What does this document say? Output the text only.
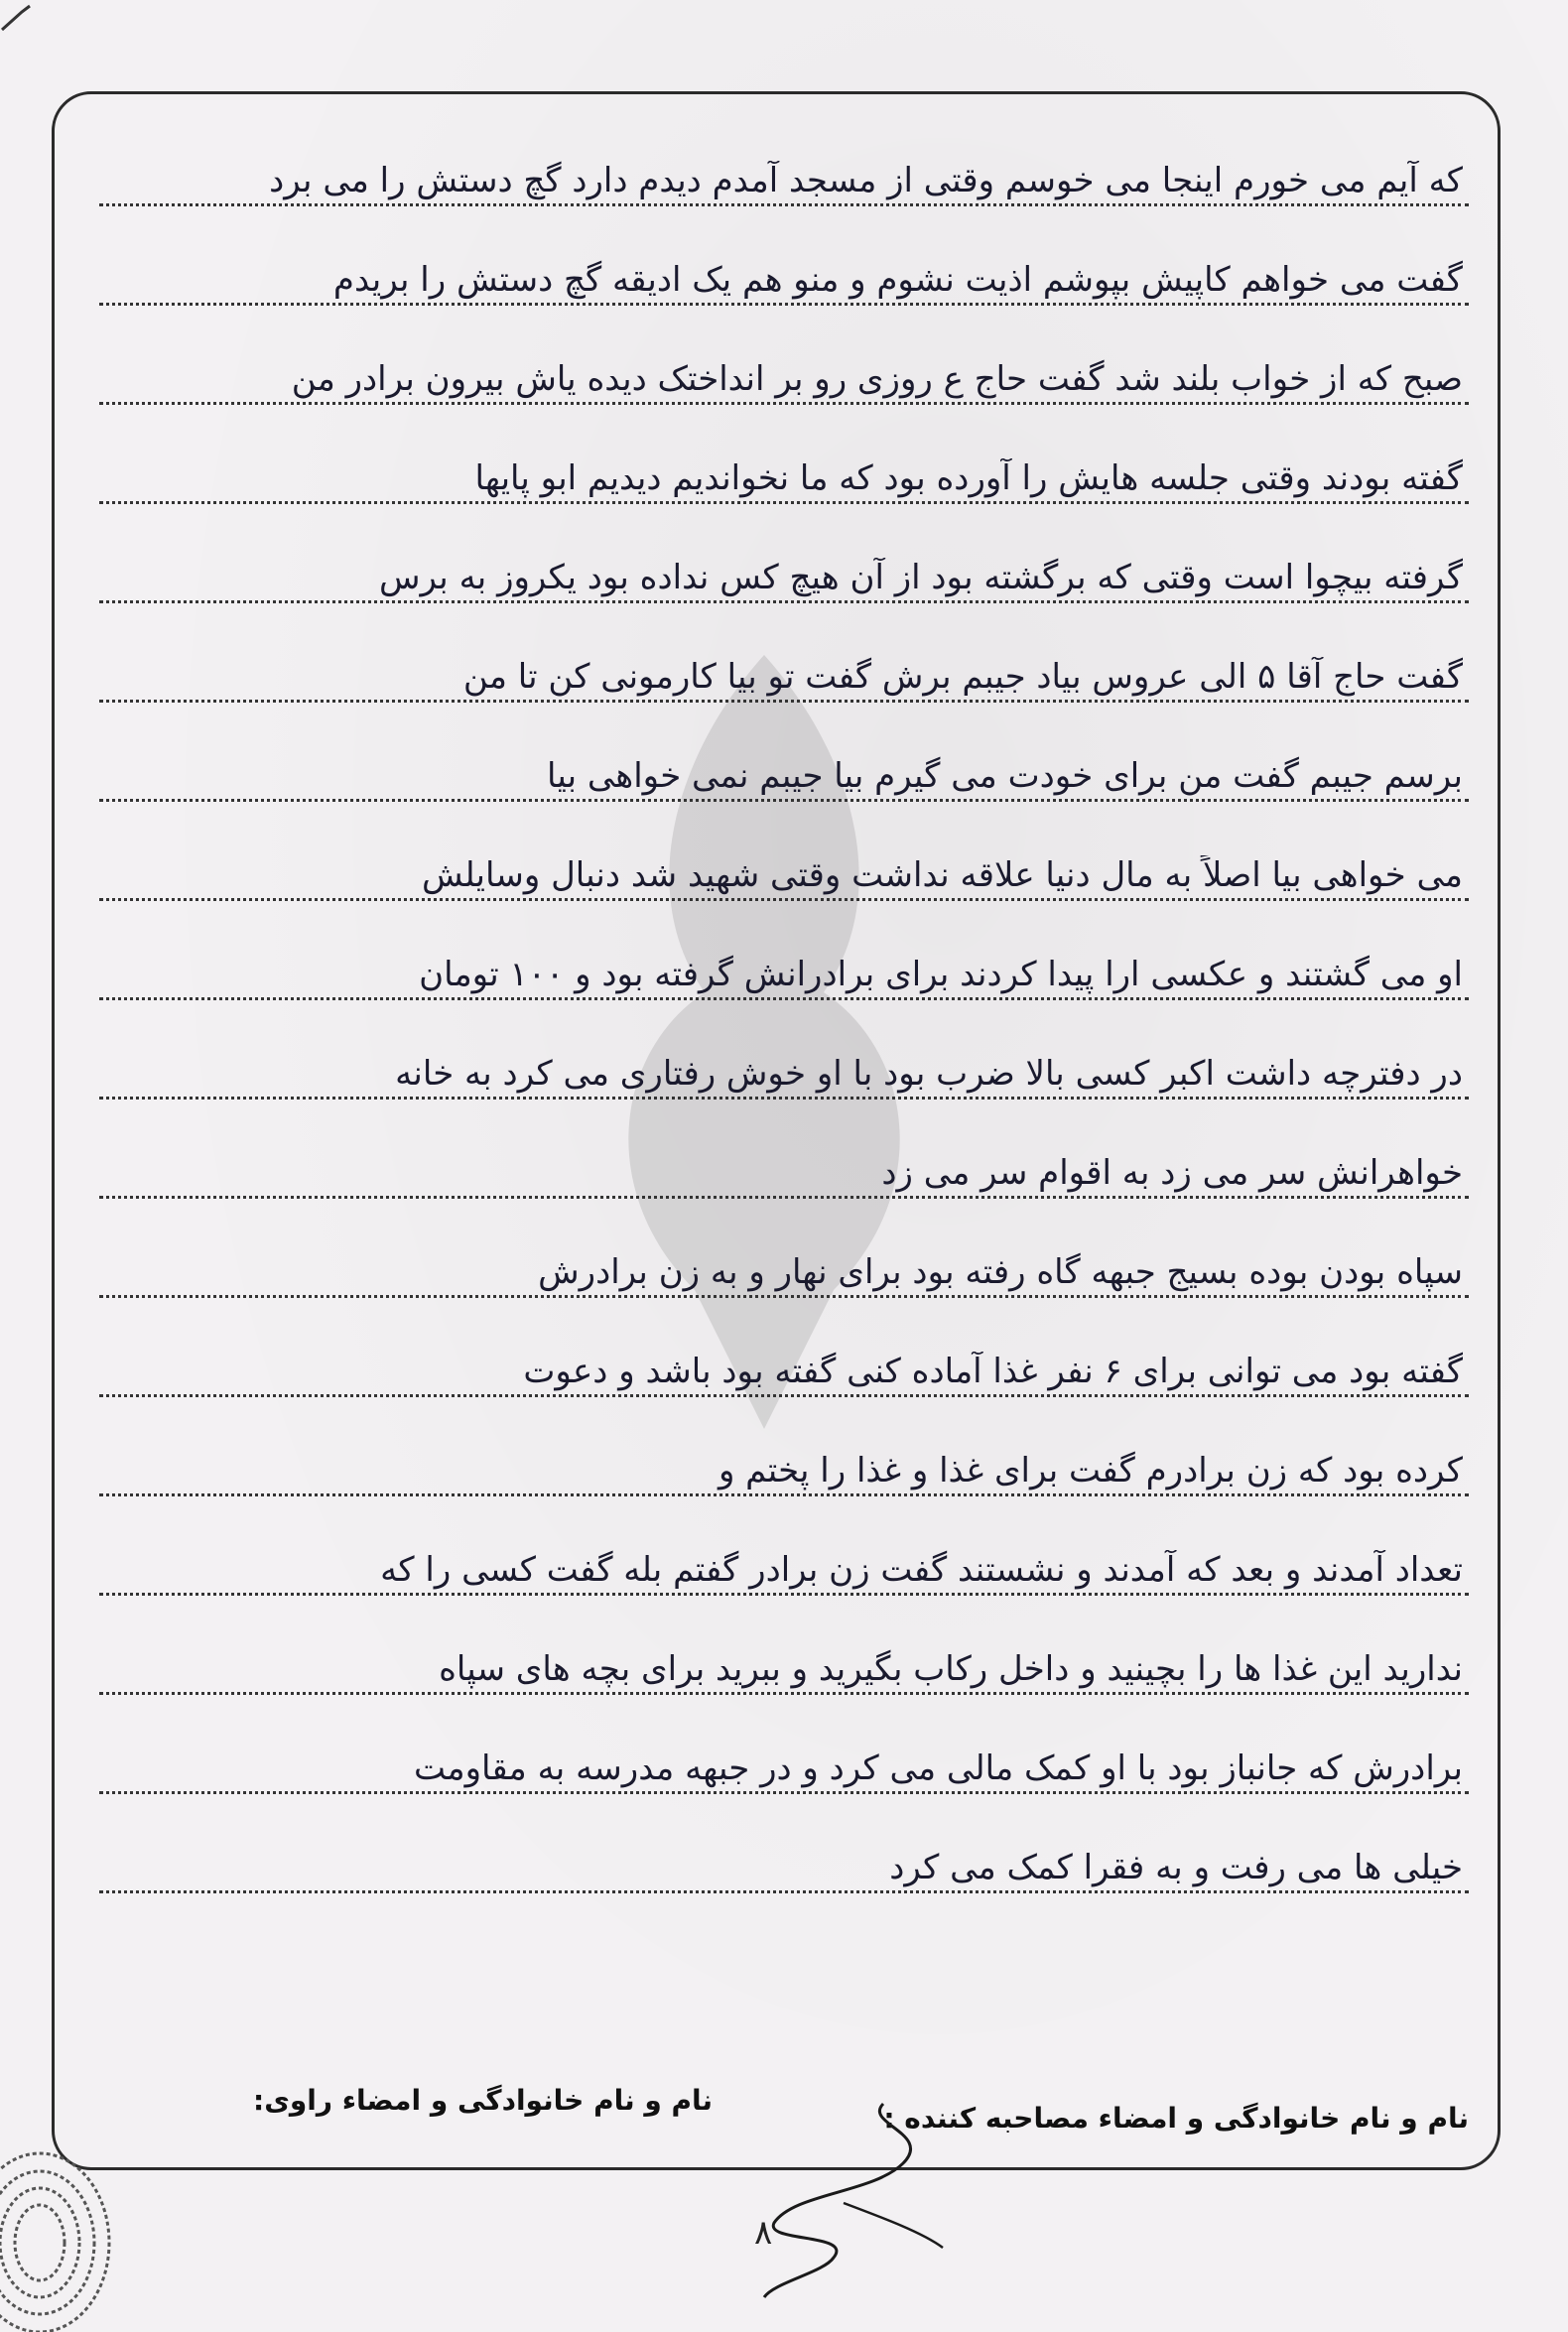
که آیم می خورم اینجا می خوسم وقتی از مسجد آمدم دیدم دارد گچ دستش را می برد
گفت می خواهم کاپیش بپوشم اذیت نشوم و منو هم یک ادیقه گچ دستش را بریدم
صبح که از خواب بلند شد گفت حاج ع روزی رو بر انداختک دیده یاش بیرون برادر من
گفته بودند وقتی جلسه هایش را آورده بود که ما نخواندیم دیدیم ابو پایها
گرفته بیچوا است وقتی که برگشته بود از آن هیچ کس نداده بود یکروز به برس
گفت حاج آقا ۵ الی عروس بیاد جیبم برش گفت تو بیا کارمونی کن تا من
برسم جیبم گفت من برای خودت می گیرم بیا جیبم نمی خواهی بیا
می خواهی بیا اصلاً به مال دنیا علاقه نداشت وقتی شهید شد دنبال وسایلش
او می گشتند و عکسی ارا پیدا کردند برای برادرانش گرفته بود و ۱۰۰ تومان
در دفترچه داشت اکبر کسی بالا ضرب بود با او خوش رفتاری می کرد به خانه
خواهرانش سر می زد به اقوام سر می زد
سپاه بودن بوده بسیج جبهه گاه رفته بود برای نهار و به زن برادرش
گفته بود می توانی برای ۶ نفر غذا آماده کنی گفته بود باشد و دعوت
کرده بود که زن برادرم گفت برای غذا و غذا را پختم و
تعداد آمدند و بعد که آمدند و نشستند گفت زن برادر گفتم بله گفت کسی را که
ندارید این غذا ها را بچینید و داخل رکاب بگیرید و ببرید برای بچه های سپاه
برادرش که جانباز بود با او کمک مالی می کرد و در جبهه مدرسه به مقاومت
خیلی ها می رفت و به فقرا کمک می کرد
نام و نام خانوادگی و امضاء مصاحبه کننده :
نام و نام خانوادگی و امضاء راوی:
۸
